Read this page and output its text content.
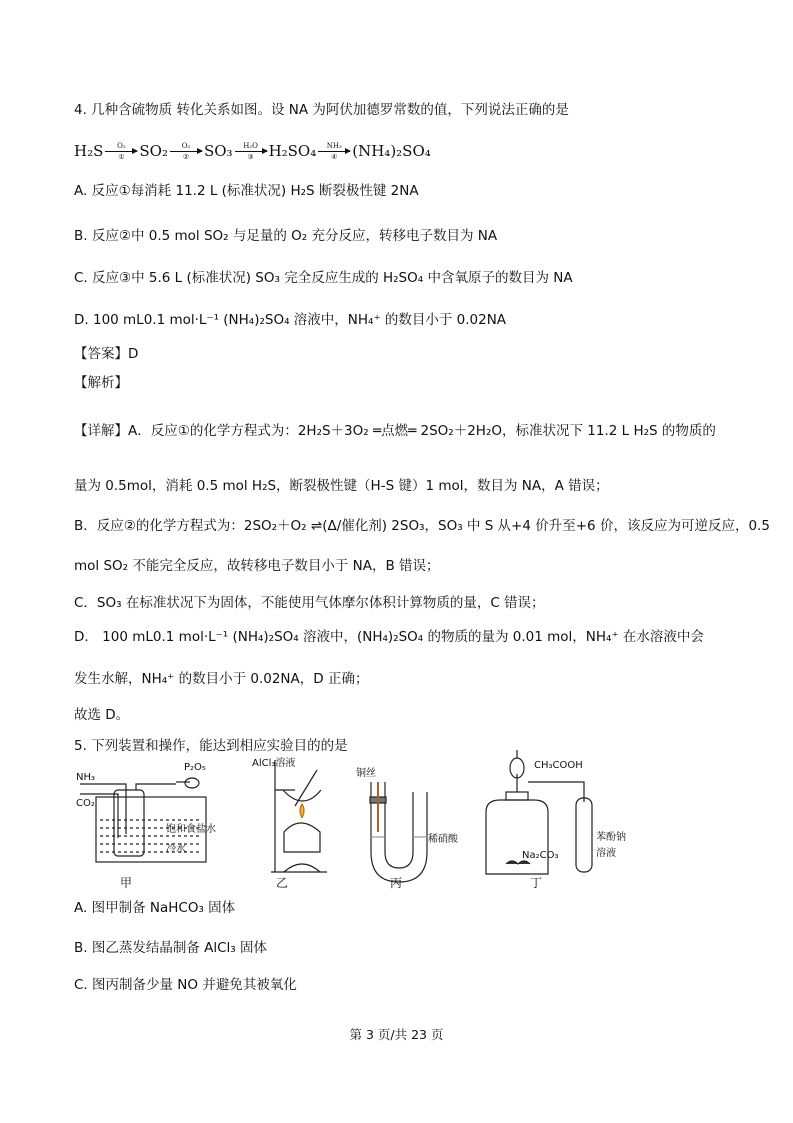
4. 几种含硫物质 转化关系如图。设 NA 为阿伏加德罗常数的值，下列说法正确的是
H₂S O₂
① SO₂ O₂
② SO₃ H₂O
③ H₂SO₄ NH₃
④ (NH₄)₂SO₄
A. 反应①每消耗 11.2 L (标准状况) H₂S 断裂极性键 2NA
B. 反应②中 0.5 mol SO₂ 与足量的 O₂ 充分反应，转移电子数目为 NA
C. 反应③中 5.6 L (标准状况) SO₃ 完全反应生成的 H₂SO₄ 中含氧原子的数目为 NA
D. 100 mL0.1 mol·L⁻¹ (NH₄)₂SO₄ 溶液中，NH₄⁺ 的数目小于 0.02NA
【答案】D
【解析】
【详解】A．反应①的化学方程式为：2H₂S＋3O₂ ═点燃═ 2SO₂＋2H₂O，标准状况下 11.2 L H₂S 的物质的
量为 0.5mol，消耗 0.5 mol H₂S，断裂极性键（H-S 键）1 mol，数目为 NA，A 错误；
B．反应②的化学方程式为：2SO₂＋O₂ ⇌(Δ/催化剂) 2SO₃，SO₃ 中 S 从+4 价升至+6 价，该反应为可逆反应，0.5
mol SO₂ 不能完全反应，故转移电子数目小于 NA，B 错误；
C．SO₃ 在标准状况下为固体，不能使用气体摩尔体积计算物质的量，C 错误；
D． 100 mL0.1 mol·L⁻¹ (NH₄)₂SO₄ 溶液中，(NH₄)₂SO₄ 的物质的量为 0.01 mol，NH₄⁺ 在水溶液中会
发生水解，NH₄⁺ 的数目小于 0.02NA，D 正确；
故选 D。
5. 下列装置和操作，能达到相应实验目的的是
NH₃
CO₂
P₂O₅
饱和食盐水
冷水
AlCl₃溶液
铜丝
稀硝酸
CH₃COOH
Na₂CO₃
苯酚钠
溶液
甲	乙	丙	丁
A. 图甲制备 NaHCO₃ 固体
B. 图乙蒸发结晶制备 AlCl₃ 固体
C. 图丙制备少量 NO 并避免其被氧化
第 3 页/共 23 页
